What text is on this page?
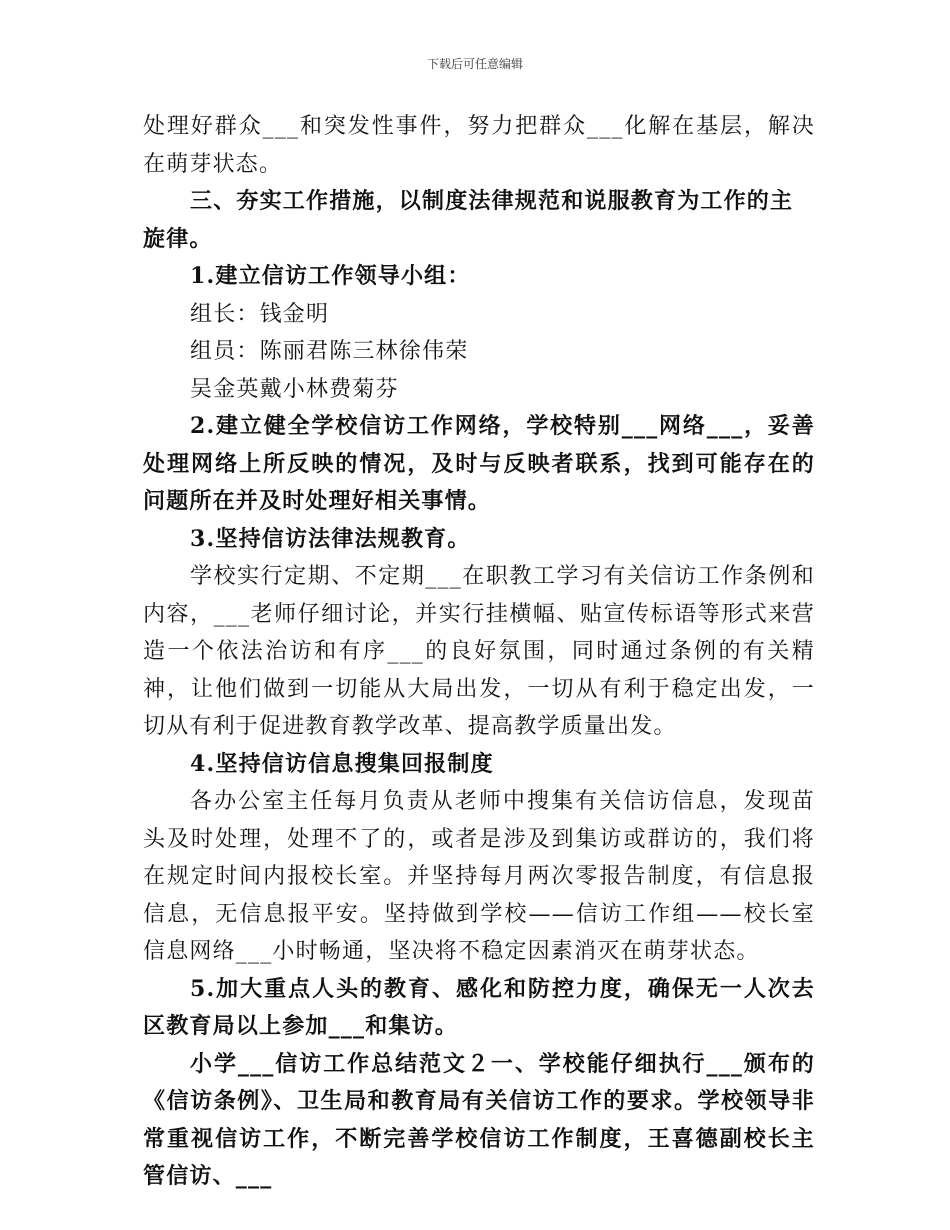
下载后可任意编辑

处理好群众___和突发性事件，努力把群众___化解在基层，解决在萌芽状态。

三、夯实工作措施，以制度法律规范和说服教育为工作的主旋律。

1.建立信访工作领导小组：

组长：钱金明

组员：陈丽君陈三林徐伟荣

吴金英戴小林费菊芬

2.建立健全学校信访工作网络，学校特别___网络___，妥善处理网络上所反映的情况，及时与反映者联系，找到可能存在的问题所在并及时处理好相关事情。

3.坚持信访法律法规教育。

学校实行定期、不定期___在职教工学习有关信访工作条例和内容，___老师仔细讨论，并实行挂横幅、贴宣传标语等形式来营造一个依法治访和有序___的良好氛围，同时通过条例的有关精神，让他们做到一切能从大局出发，一切从有利于稳定出发，一切从有利于促进教育教学改革、提高教学质量出发。

4.坚持信访信息搜集回报制度

各办公室主任每月负责从老师中搜集有关信访信息，发现苗头及时处理，处理不了的，或者是涉及到集访或群访的，我们将在规定时间内报校长室。并坚持每月两次零报告制度，有信息报信息，无信息报平安。坚持做到学校——信访工作组——校长室信息网络___小时畅通，坚决将不稳定因素消灭在萌芽状态。

5.加大重点人头的教育、感化和防控力度，确保无一人次去区教育局以上参加___和集访。

小学___信访工作总结范文２一、学校能仔细执行___颁布的《信访条例》、卫生局和教育局有关信访工作的要求。学校领导非常重视信访工作，不断完善学校信访工作制度，王喜德副校长主管信访、___
